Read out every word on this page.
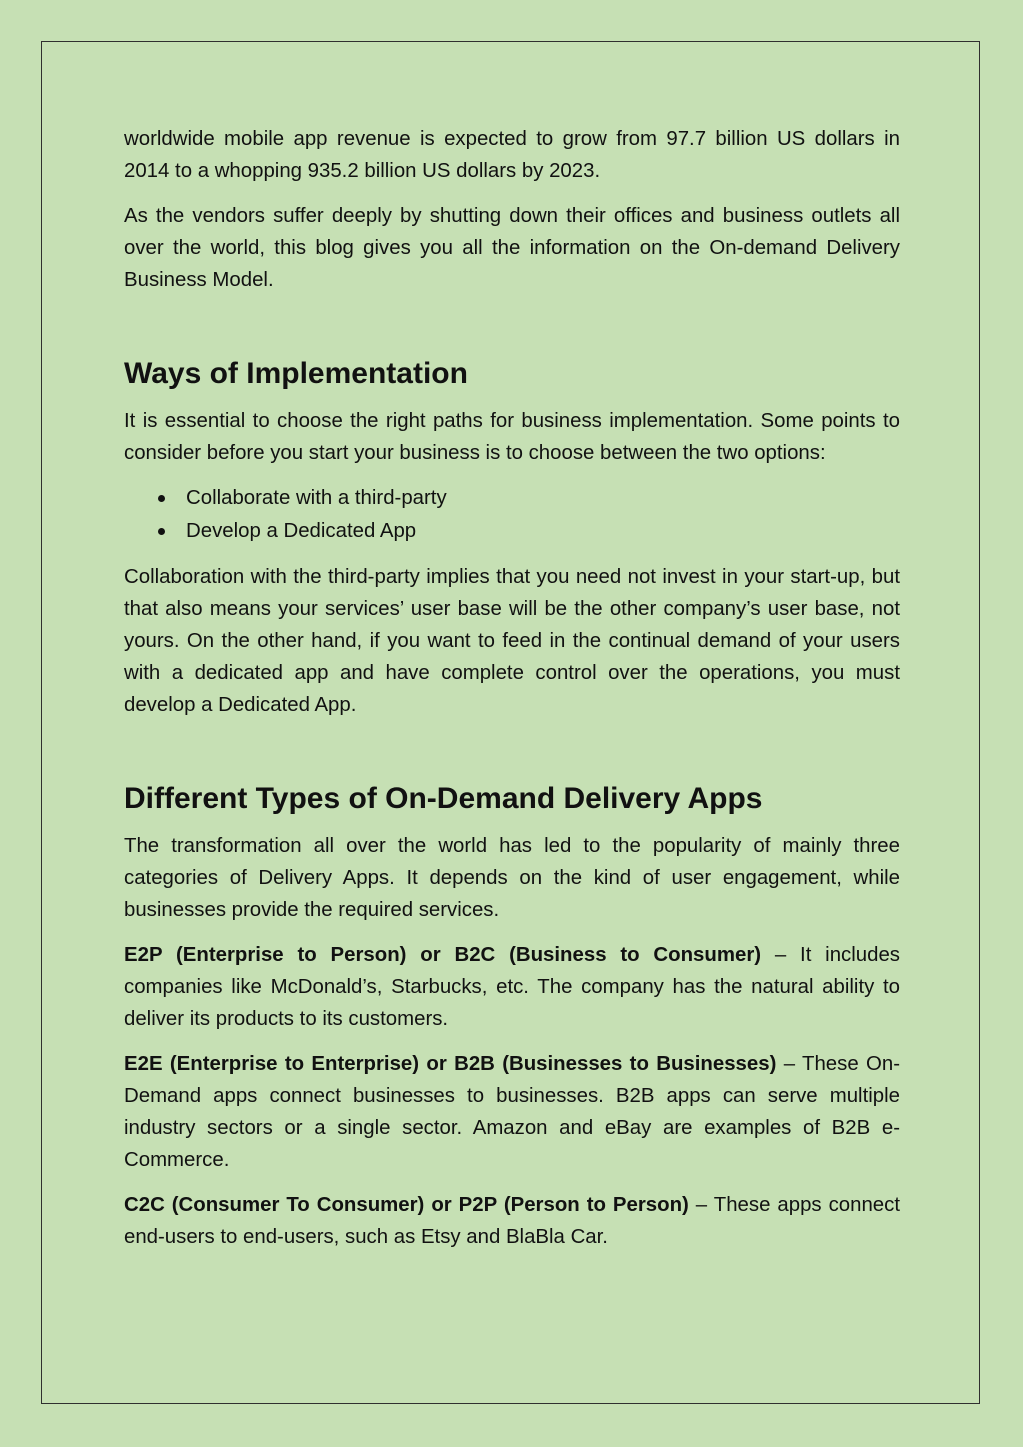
worldwide mobile app revenue is expected to grow from 97.7 billion US dollars in 2014 to a whopping 935.2 billion US dollars by 2023.

As the vendors suffer deeply by shutting down their offices and business outlets all over the world, this blog gives you all the information on the On-demand Delivery Business Model.

Ways of Implementation

It is essential to choose the right paths for business implementation. Some points to consider before you start your business is to choose between the two options:

Collaborate with a third-party
Develop a Dedicated App

Collaboration with the third-party implies that you need not invest in your start-up, but that also means your services’ user base will be the other company’s user base, not yours. On the other hand, if you want to feed in the continual demand of your users with a dedicated app and have complete control over the operations, you must develop a Dedicated App.

Different Types of On-Demand Delivery Apps

The transformation all over the world has led to the popularity of mainly three categories of Delivery Apps. It depends on the kind of user engagement, while businesses provide the required services.

E2P (Enterprise to Person) or B2C (Business to Consumer) – It includes companies like McDonald’s, Starbucks, etc. The company has the natural ability to deliver its products to its customers.

E2E (Enterprise to Enterprise) or B2B (Businesses to Businesses) – These On-Demand apps connect businesses to businesses. B2B apps can serve multiple industry sectors or a single sector. Amazon and eBay are examples of B2B e-Commerce.

C2C (Consumer To Consumer) or P2P (Person to Person) – These apps connect end-users to end-users, such as Etsy and BlaBla Car.
